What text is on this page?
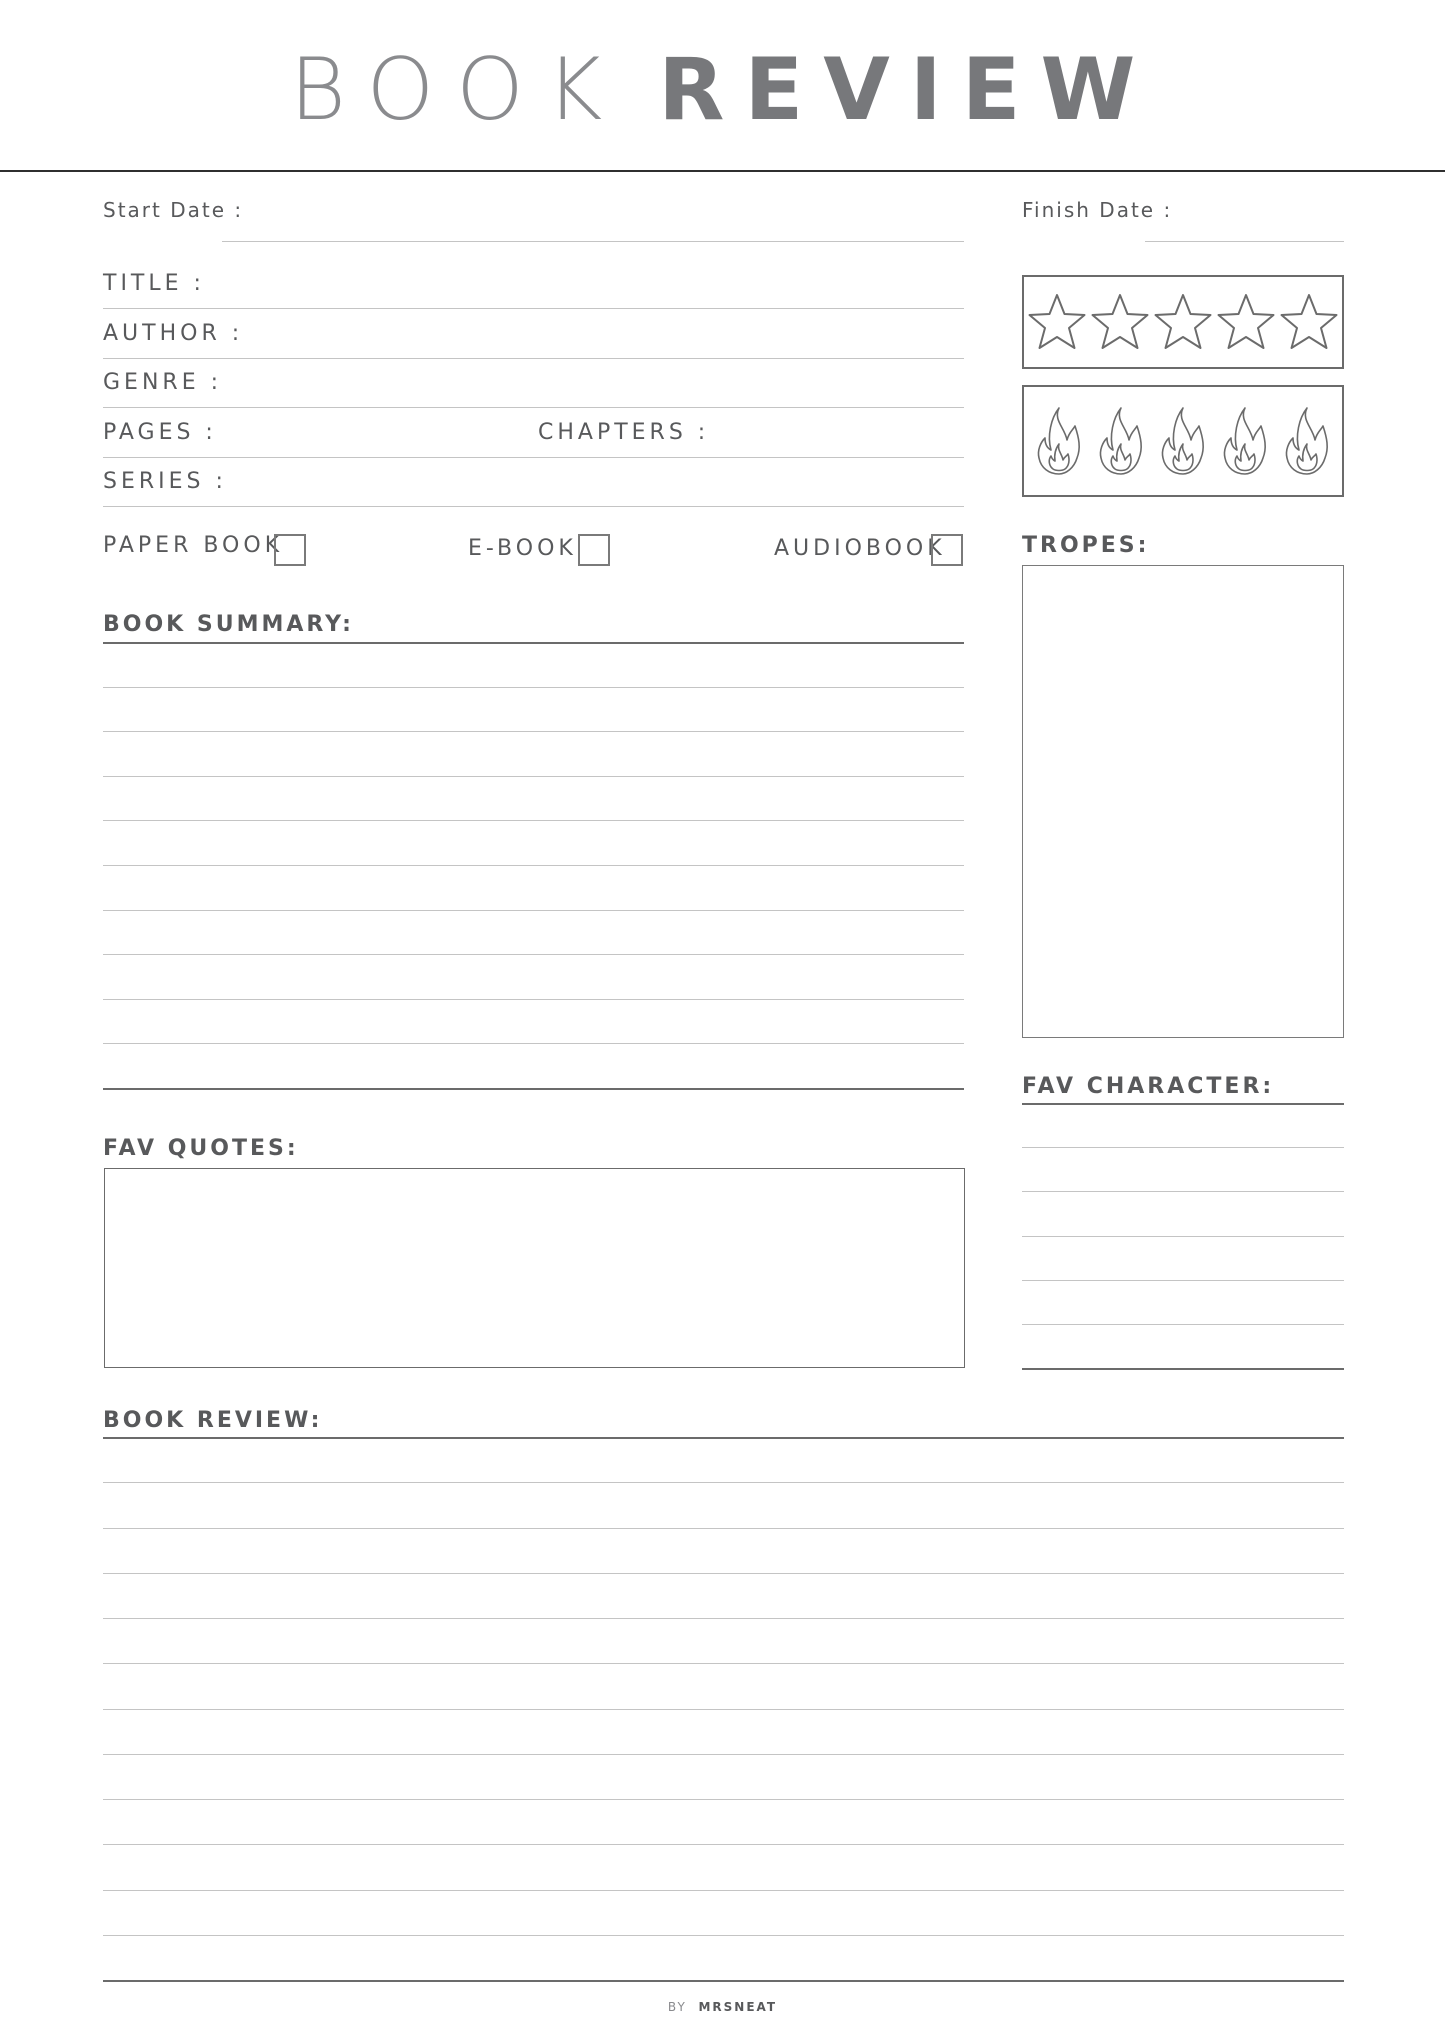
BOOK REVIEW
Start Date :	Finish Date :
TITLE :
AUTHOR :
GENRE :
PAGES :	CHAPTERS :
SERIES :
PAPER BOOK	E-BOOK	AUDIOBOOK	TROPES:
BOOK SUMMARY:
FAV CHARACTER:
FAV QUOTES:
BOOK REVIEW:
BY MRSNEAT
